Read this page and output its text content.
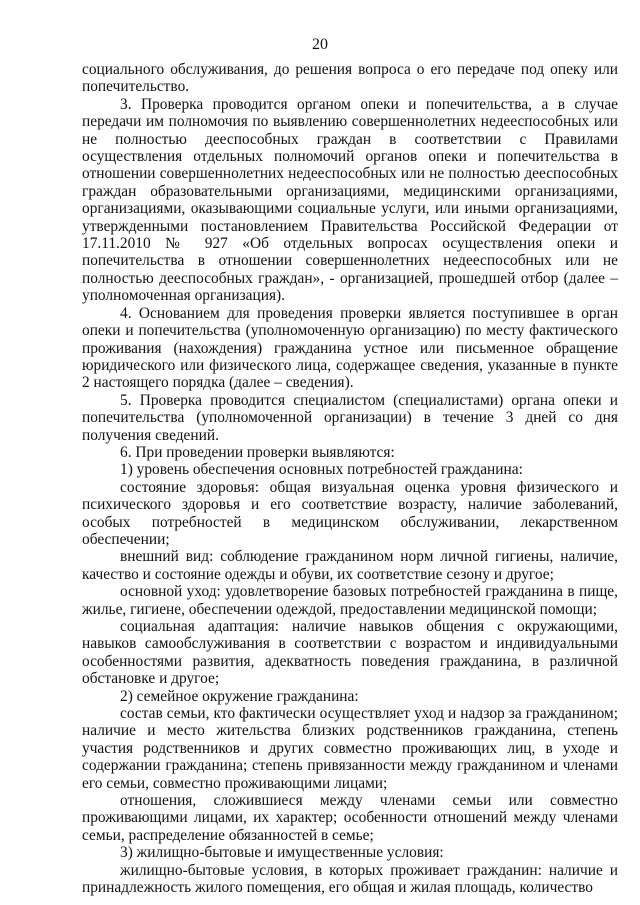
20

социального обслуживания, до решения вопроса о его передаче под опеку или попечительство.

3. Проверка проводится органом опеки и попечительства, а в случае передачи им полномочия по выявлению совершеннолетних недееспособных или не полностью дееспособных граждан в соответствии с Правилами осуществления отдельных полномочий органов опеки и попечительства в отношении совершеннолетних недееспособных или не полностью дееспособных граждан образовательными организациями, медицинскими организациями, организациями, оказывающими социальные услуги, или иными организациями, утвержденными постановлением Правительства Российской Федерации от 17.11.2010 № 927 «Об отдельных вопросах осуществления опеки и попечительства в отношении совершеннолетних недееспособных или не полностью дееспособных граждан», - организацией, прошедшей отбор (далее – уполномоченная организация).

4. Основанием для проведения проверки является поступившее в орган опеки и попечительства (уполномоченную организацию) по месту фактического проживания (нахождения) гражданина устное или письменное обращение юридического или физического лица, содержащее сведения, указанные в пункте 2 настоящего порядка (далее – сведения).

5. Проверка проводится специалистом (специалистами) органа опеки и попечительства (уполномоченной организации) в течение 3 дней со дня получения сведений.

6. При проведении проверки выявляются:

1) уровень обеспечения основных потребностей гражданина:

состояние здоровья: общая визуальная оценка уровня физического и психического здоровья и его соответствие возрасту, наличие заболеваний, особых потребностей в медицинском обслуживании, лекарственном обеспечении;

внешний вид: соблюдение гражданином норм личной гигиены, наличие, качество и состояние одежды и обуви, их соответствие сезону и другое;

основной уход: удовлетворение базовых потребностей гражданина в пище, жилье, гигиене, обеспечении одеждой, предоставлении медицинской помощи;

социальная адаптация: наличие навыков общения с окружающими, навыков самообслуживания в соответствии с возрастом и индивидуальными особенностями развития, адекватность поведения гражданина, в различной обстановке и другое;

2) семейное окружение гражданина:

состав семьи, кто фактически осуществляет уход и надзор за гражданином; наличие и место жительства близких родственников гражданина, степень участия родственников и других совместно проживающих лиц, в уходе и содержании гражданина; степень привязанности между гражданином и членами его семьи, совместно проживающими лицами;

отношения, сложившиеся между членами семьи или совместно проживающими лицами, их характер; особенности отношений между членами семьи, распределение обязанностей в семье;

3) жилищно-бытовые и имущественные условия:

жилищно-бытовые условия, в которых проживает гражданин: наличие и принадлежность жилого помещения, его общая и жилая площадь, количество
